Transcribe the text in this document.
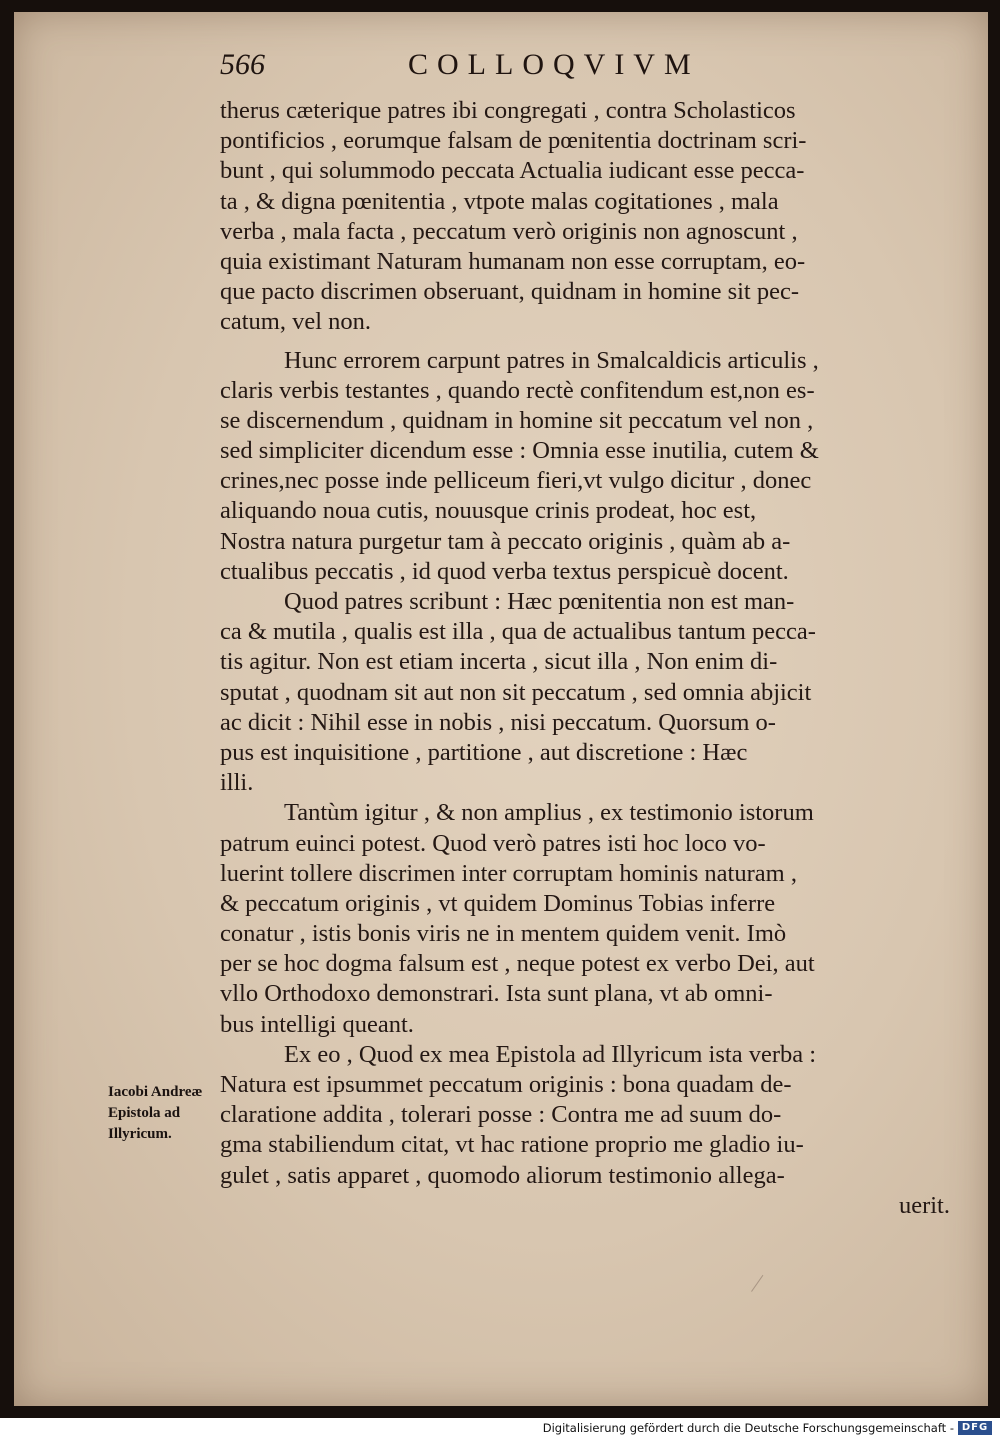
566	COLLOQVIVM
therus cæterique patres ibi congregati , contra Scholasticos
pontificios , eorumque falsam de pœnitentia doctrinam scri-
bunt , qui solummodo peccata Actualia iudicant esse pecca-
ta , & digna pœnitentia , vtpote malas cogitationes , mala
verba , mala facta , peccatum verò originis non agnoscunt ,
quia existimant Naturam humanam non esse corruptam, eo-
que pacto discrimen obseruant, quidnam in homine sit pec-
catum, vel non.
Hunc errorem carpunt patres in Smalcaldicis articulis ,
claris verbis testantes , quando rectè confitendum est,non es-
se discernendum , quidnam in homine sit peccatum vel non ,
sed simpliciter dicendum esse : Omnia esse inutilia, cutem &
crines,nec posse inde pelliceum fieri,vt vulgo dicitur , donec
aliquando noua cutis, nouusque crinis prodeat, hoc est,
Nostra natura purgetur tam à peccato originis , quàm ab a-
ctualibus peccatis , id quod verba textus perspicuè docent.
Quod patres scribunt : Hæc pœnitentia non est man-
ca & mutila , qualis est illa , qua de actualibus tantum pecca-
tis agitur. Non est etiam incerta , sicut illa , Non enim di-
sputat , quodnam sit aut non sit peccatum , sed omnia abjicit
ac dicit : Nihil esse in nobis , nisi peccatum. Quorsum o-
pus est inquisitione , partitione , aut discretione : Hæc
illi.
Tantùm igitur , & non amplius , ex testimonio istorum
patrum euinci potest. Quod verò patres isti hoc loco vo-
luerint tollere discrimen inter corruptam hominis naturam ,
& peccatum originis , vt quidem Dominus Tobias inferre
conatur , istis bonis viris ne in mentem quidem venit. Imò
per se hoc dogma falsum est , neque potest ex verbo Dei, aut
vllo Orthodoxo demonstrari. Ista sunt plana, vt ab omni-
bus intelligi queant.
Ex eo , Quod ex mea Epistola ad Illyricum ista verba :
Natura est ipsummet peccatum originis : bona quadam de-
claratione addita , tolerari posse : Contra me ad suum do-
gma stabiliendum citat, vt hac ratione proprio me gladio iu-
gulet , satis apparet , quomodo aliorum testimonio allega-
uerit.
Iacobi Andreæ
Epistola ad
Illyricum.
Digitalisierung gefördert durch die Deutsche Forschungsgemeinschaft - DFG
